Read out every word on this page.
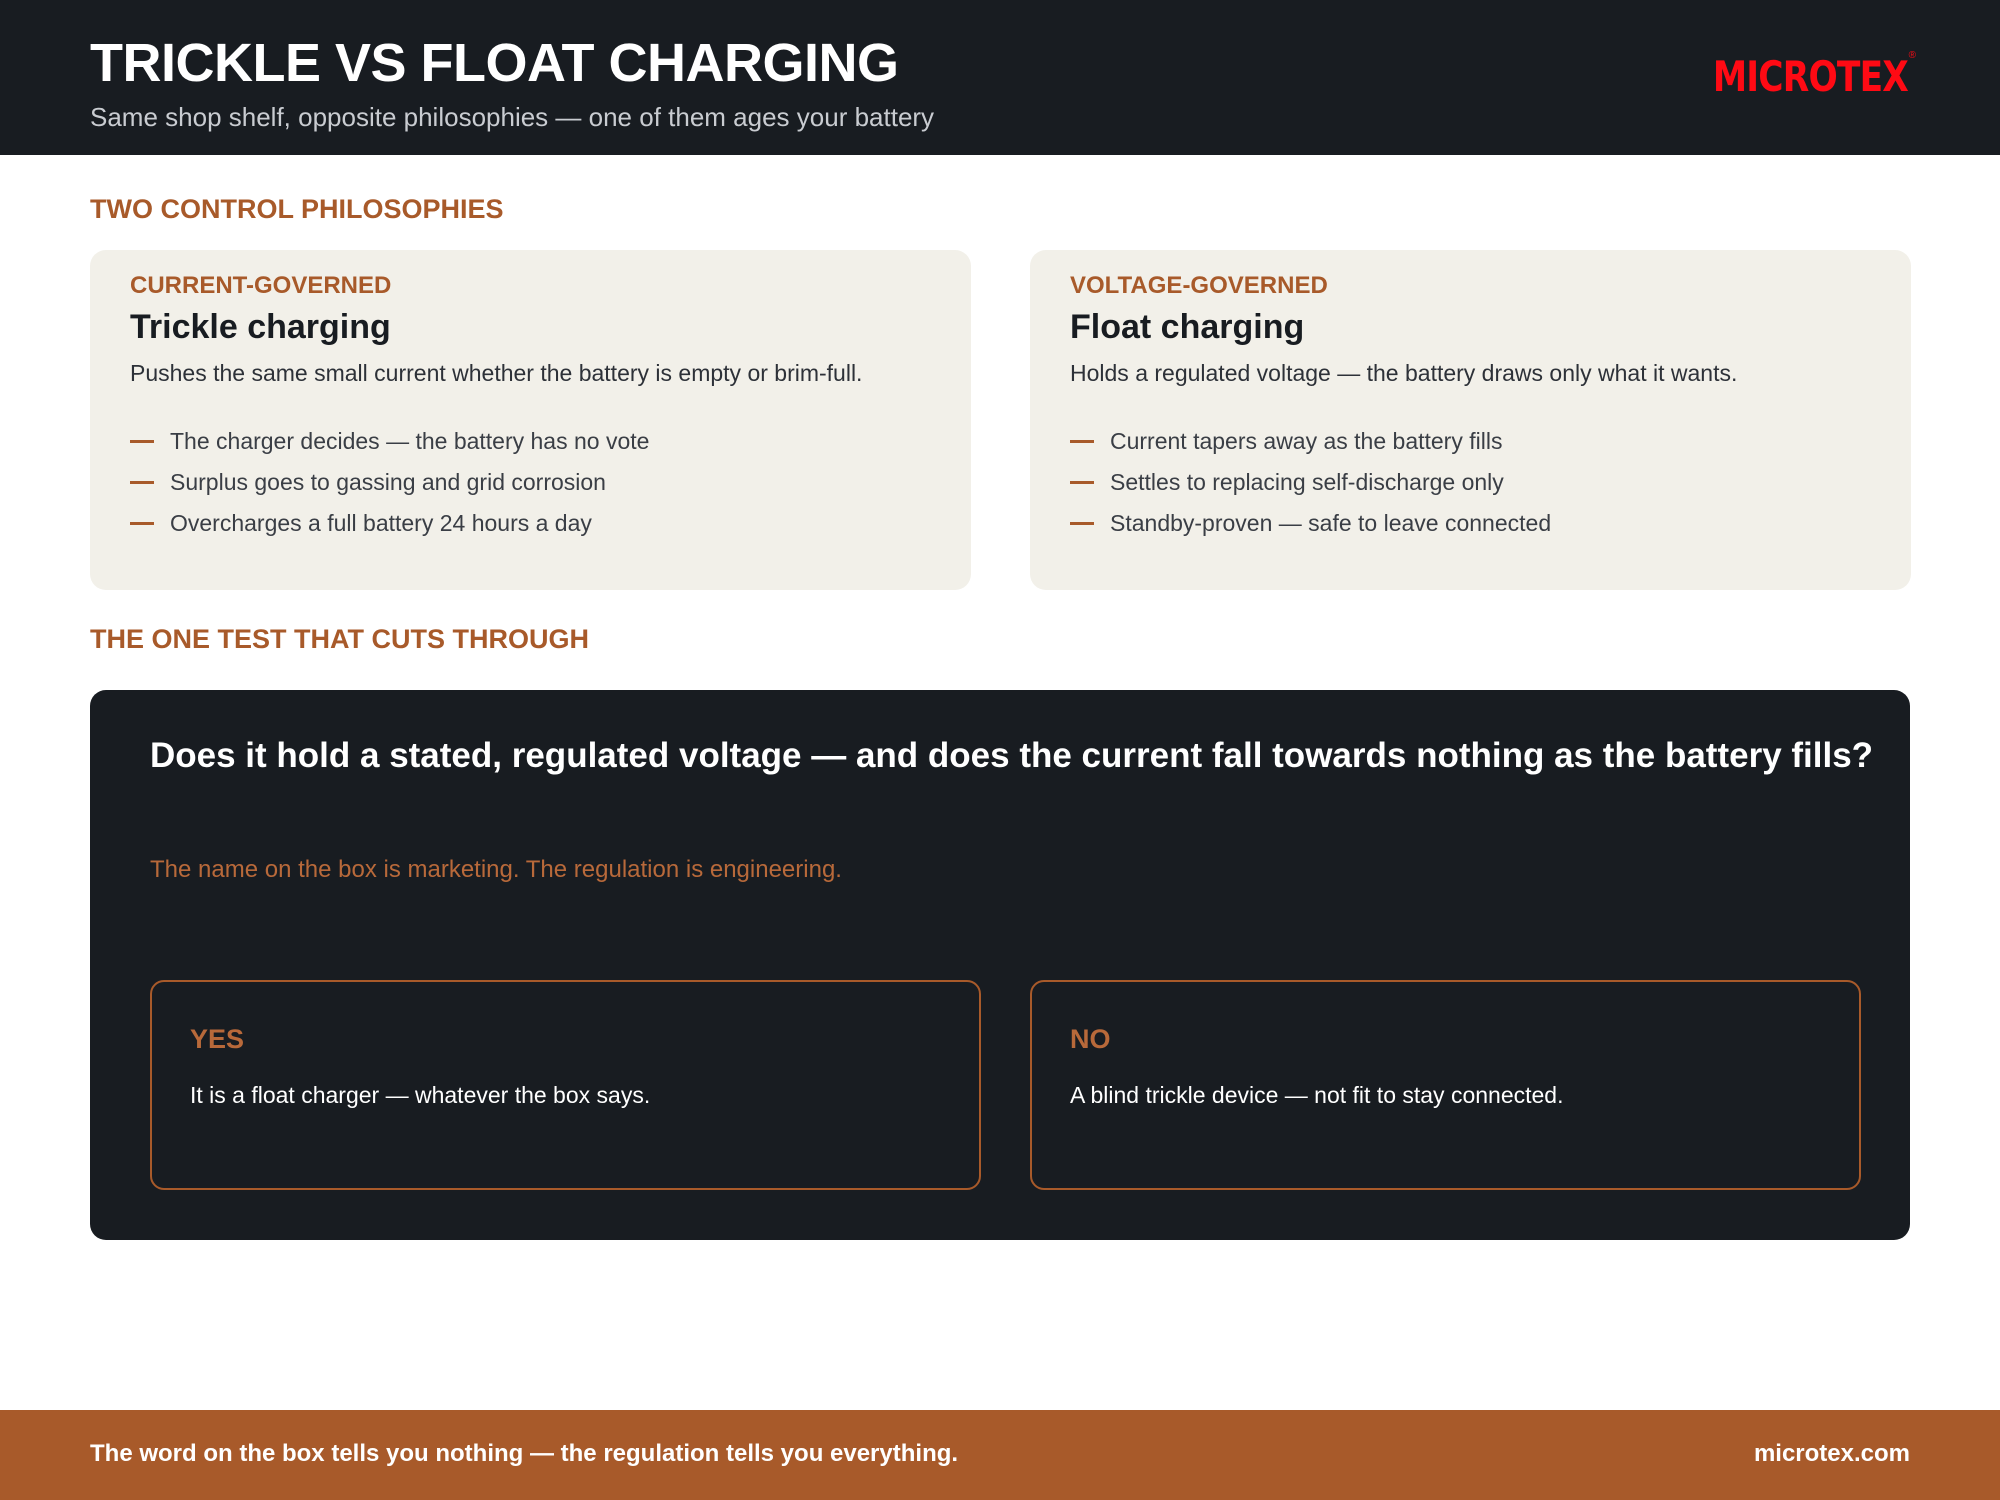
TRICKLE VS FLOAT CHARGING
Same shop shelf, opposite philosophies — one of them ages your battery
MICROTEX ®
TWO CONTROL PHILOSOPHIES
CURRENT-GOVERNED
Trickle charging
Pushes the same small current whether the battery is empty or brim-full.
The charger decides — the battery has no vote
Surplus goes to gassing and grid corrosion
Overcharges a full battery 24 hours a day
VOLTAGE-GOVERNED
Float charging
Holds a regulated voltage — the battery draws only what it wants.
Current tapers away as the battery fills
Settles to replacing self-discharge only
Standby-proven — safe to leave connected
THE ONE TEST THAT CUTS THROUGH
Does it hold a stated, regulated voltage — and does the current fall towards nothing as the battery fills?
The name on the box is marketing. The regulation is engineering.
YES
It is a float charger — whatever the box says.
NO
A blind trickle device — not fit to stay connected.
The word on the box tells you nothing — the regulation tells you everything.	microtex.com
